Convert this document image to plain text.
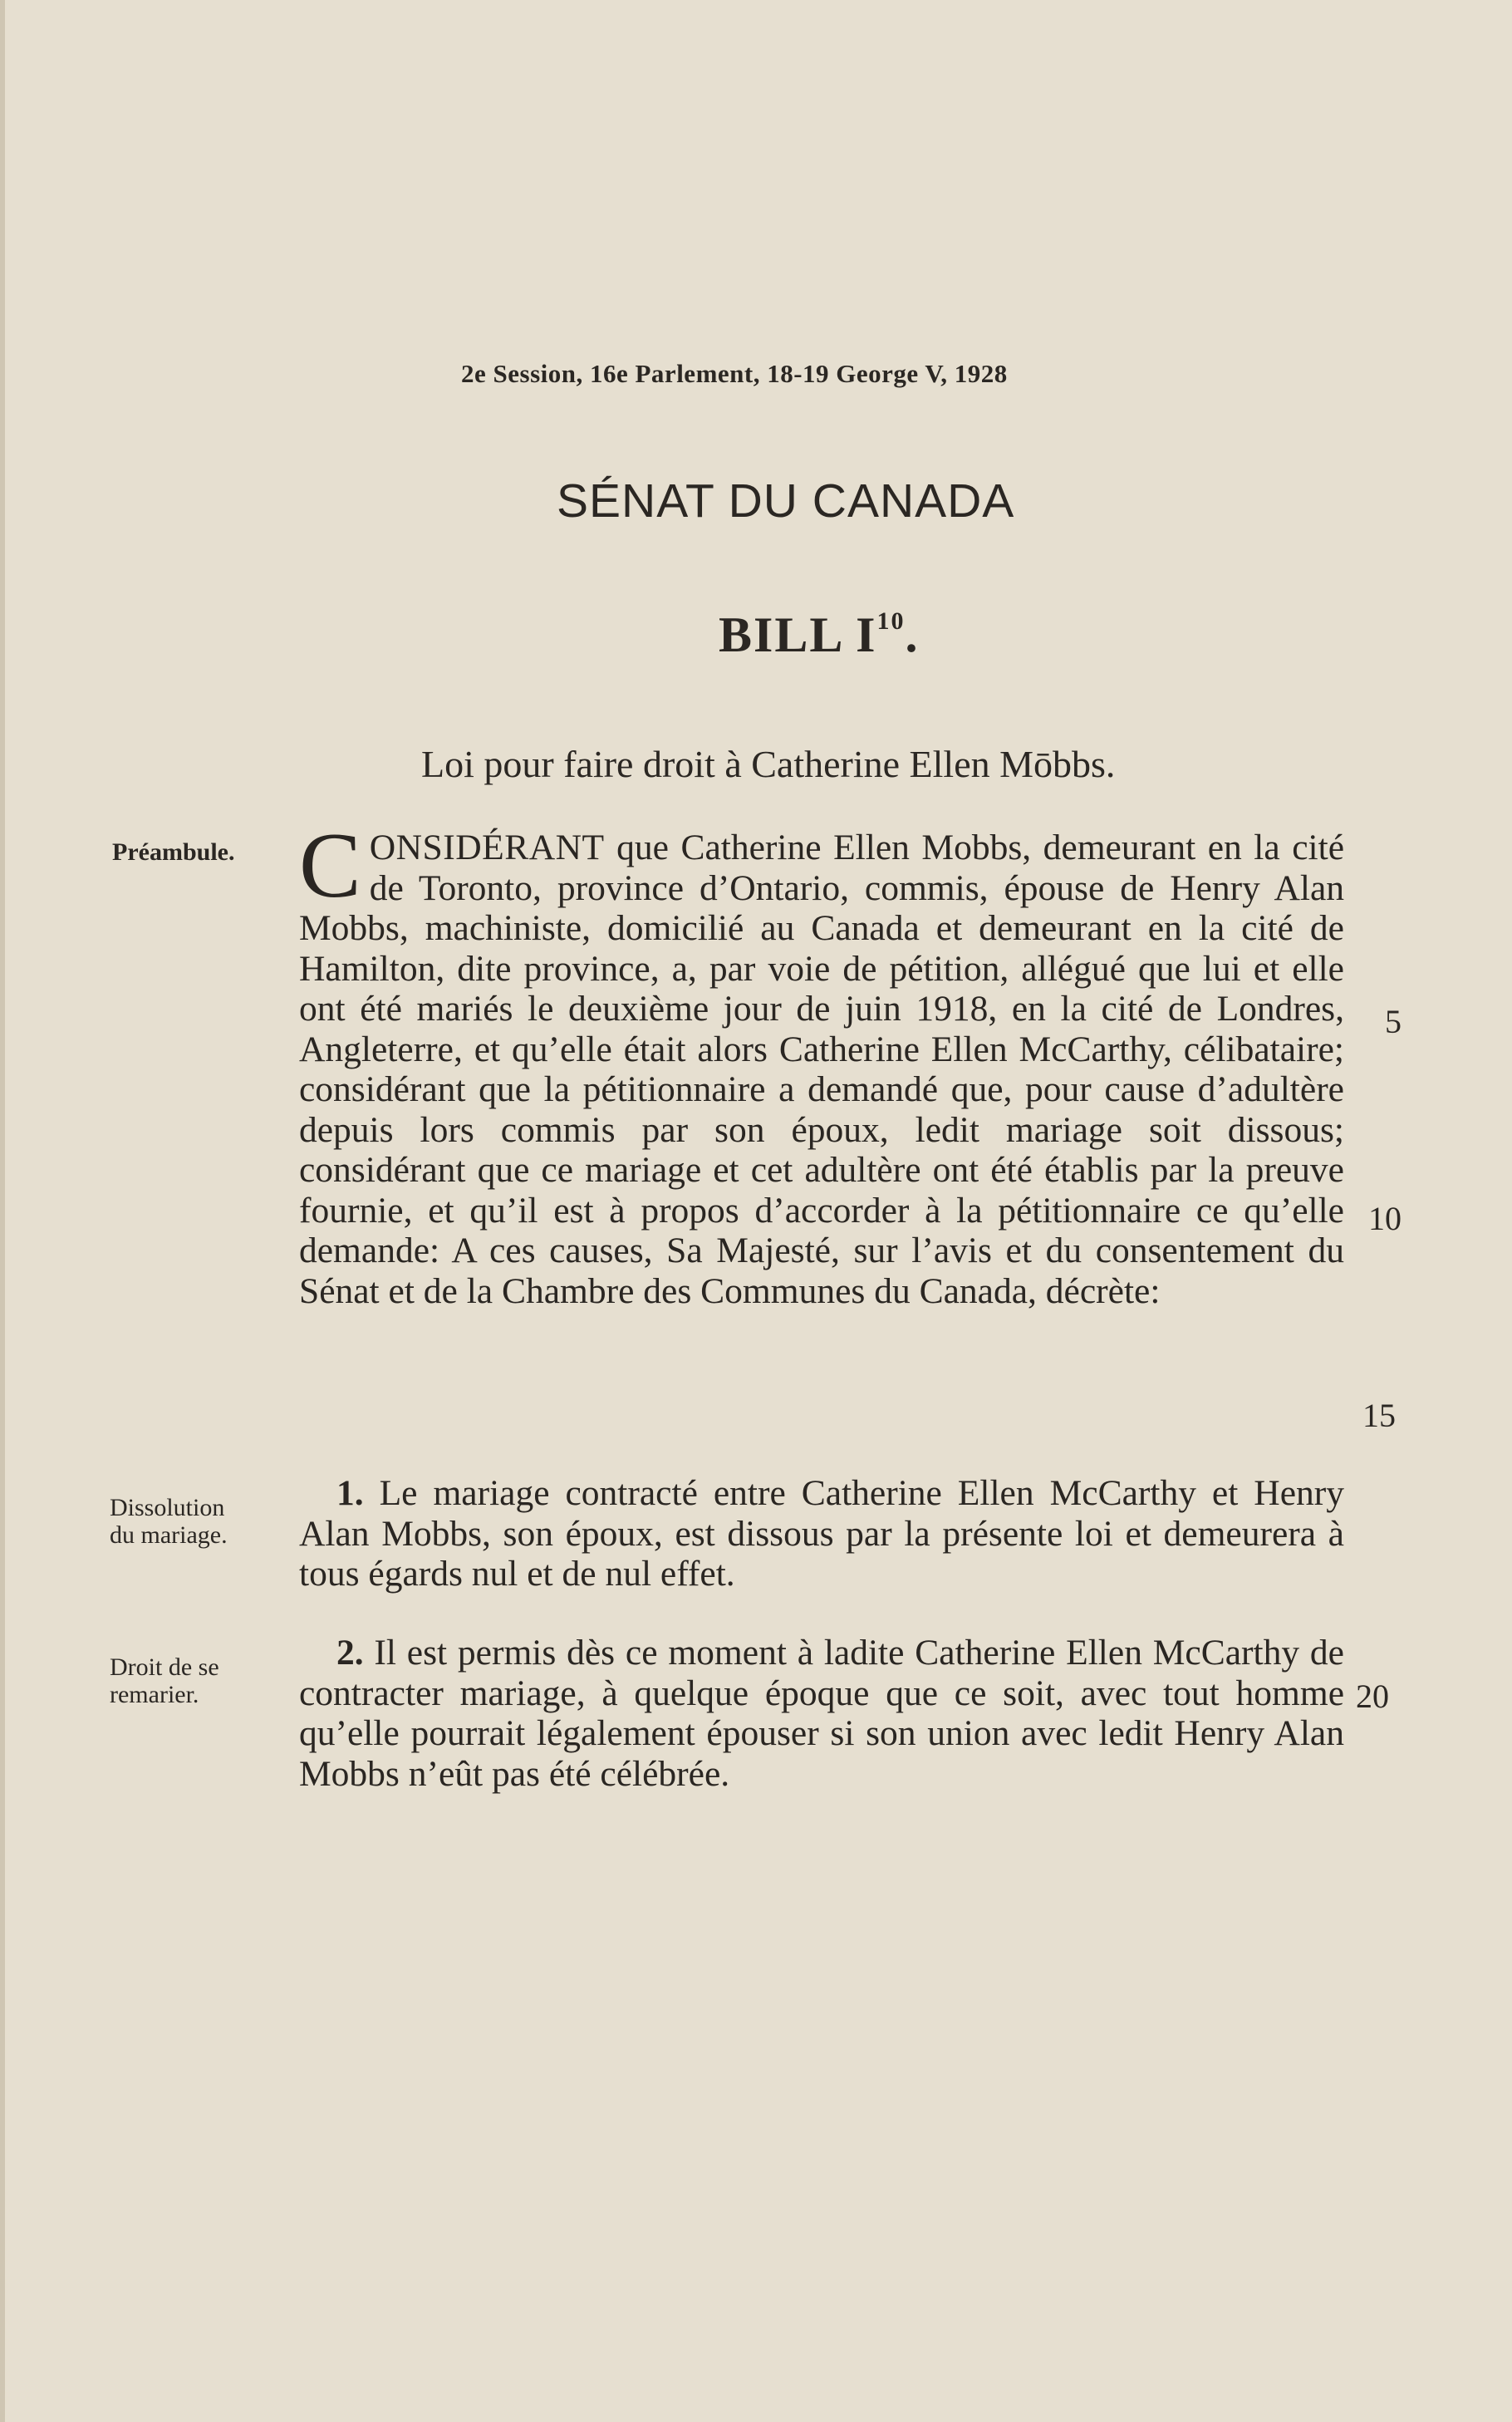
2e Session, 16e Parlement, 18-19 George V, 1928
SÉNAT DU CANADA
BILL $I^{10}$.
Loi pour faire droit à Catherine Ellen Mōbbs.
Préambule.
Dissolution
du mariage.
Droit de se
remarier.
5
10
15
20
CONSIDÉRANT que Catherine Ellen Mobbs, demeurant en la cité de Toronto, province d’Ontario, commis, épouse de Henry Alan Mobbs, machiniste, domicilié au Canada et demeurant en la cité de Hamilton, dite province, a, par voie de pétition, allégué que lui et elle ont été mariés le deuxième jour de juin 1918, en la cité de Londres, Angleterre, et qu’elle était alors Catherine Ellen McCarthy, célibataire; considérant que la pétitionnaire a demandé que, pour cause d’adultère depuis lors commis par son époux, ledit mariage soit dissous; considérant que ce mariage et cet adultère ont été établis par la preuve fournie, et qu’il est à propos d’accorder à la pétitionnaire ce qu’elle demande: A ces causes, Sa Majesté, sur l’avis et du consentement du Sénat et de la Chambre des Communes du Canada, décrète:
1. Le mariage contracté entre Catherine Ellen McCarthy et Henry Alan Mobbs, son époux, est dissous par la présente loi et demeurera à tous égards nul et de nul effet.
2. Il est permis dès ce moment à ladite Catherine Ellen McCarthy de contracter mariage, à quelque époque que ce soit, avec tout homme qu’elle pourrait légalement épouser si son union avec ledit Henry Alan Mobbs n’eût pas été célébrée.
